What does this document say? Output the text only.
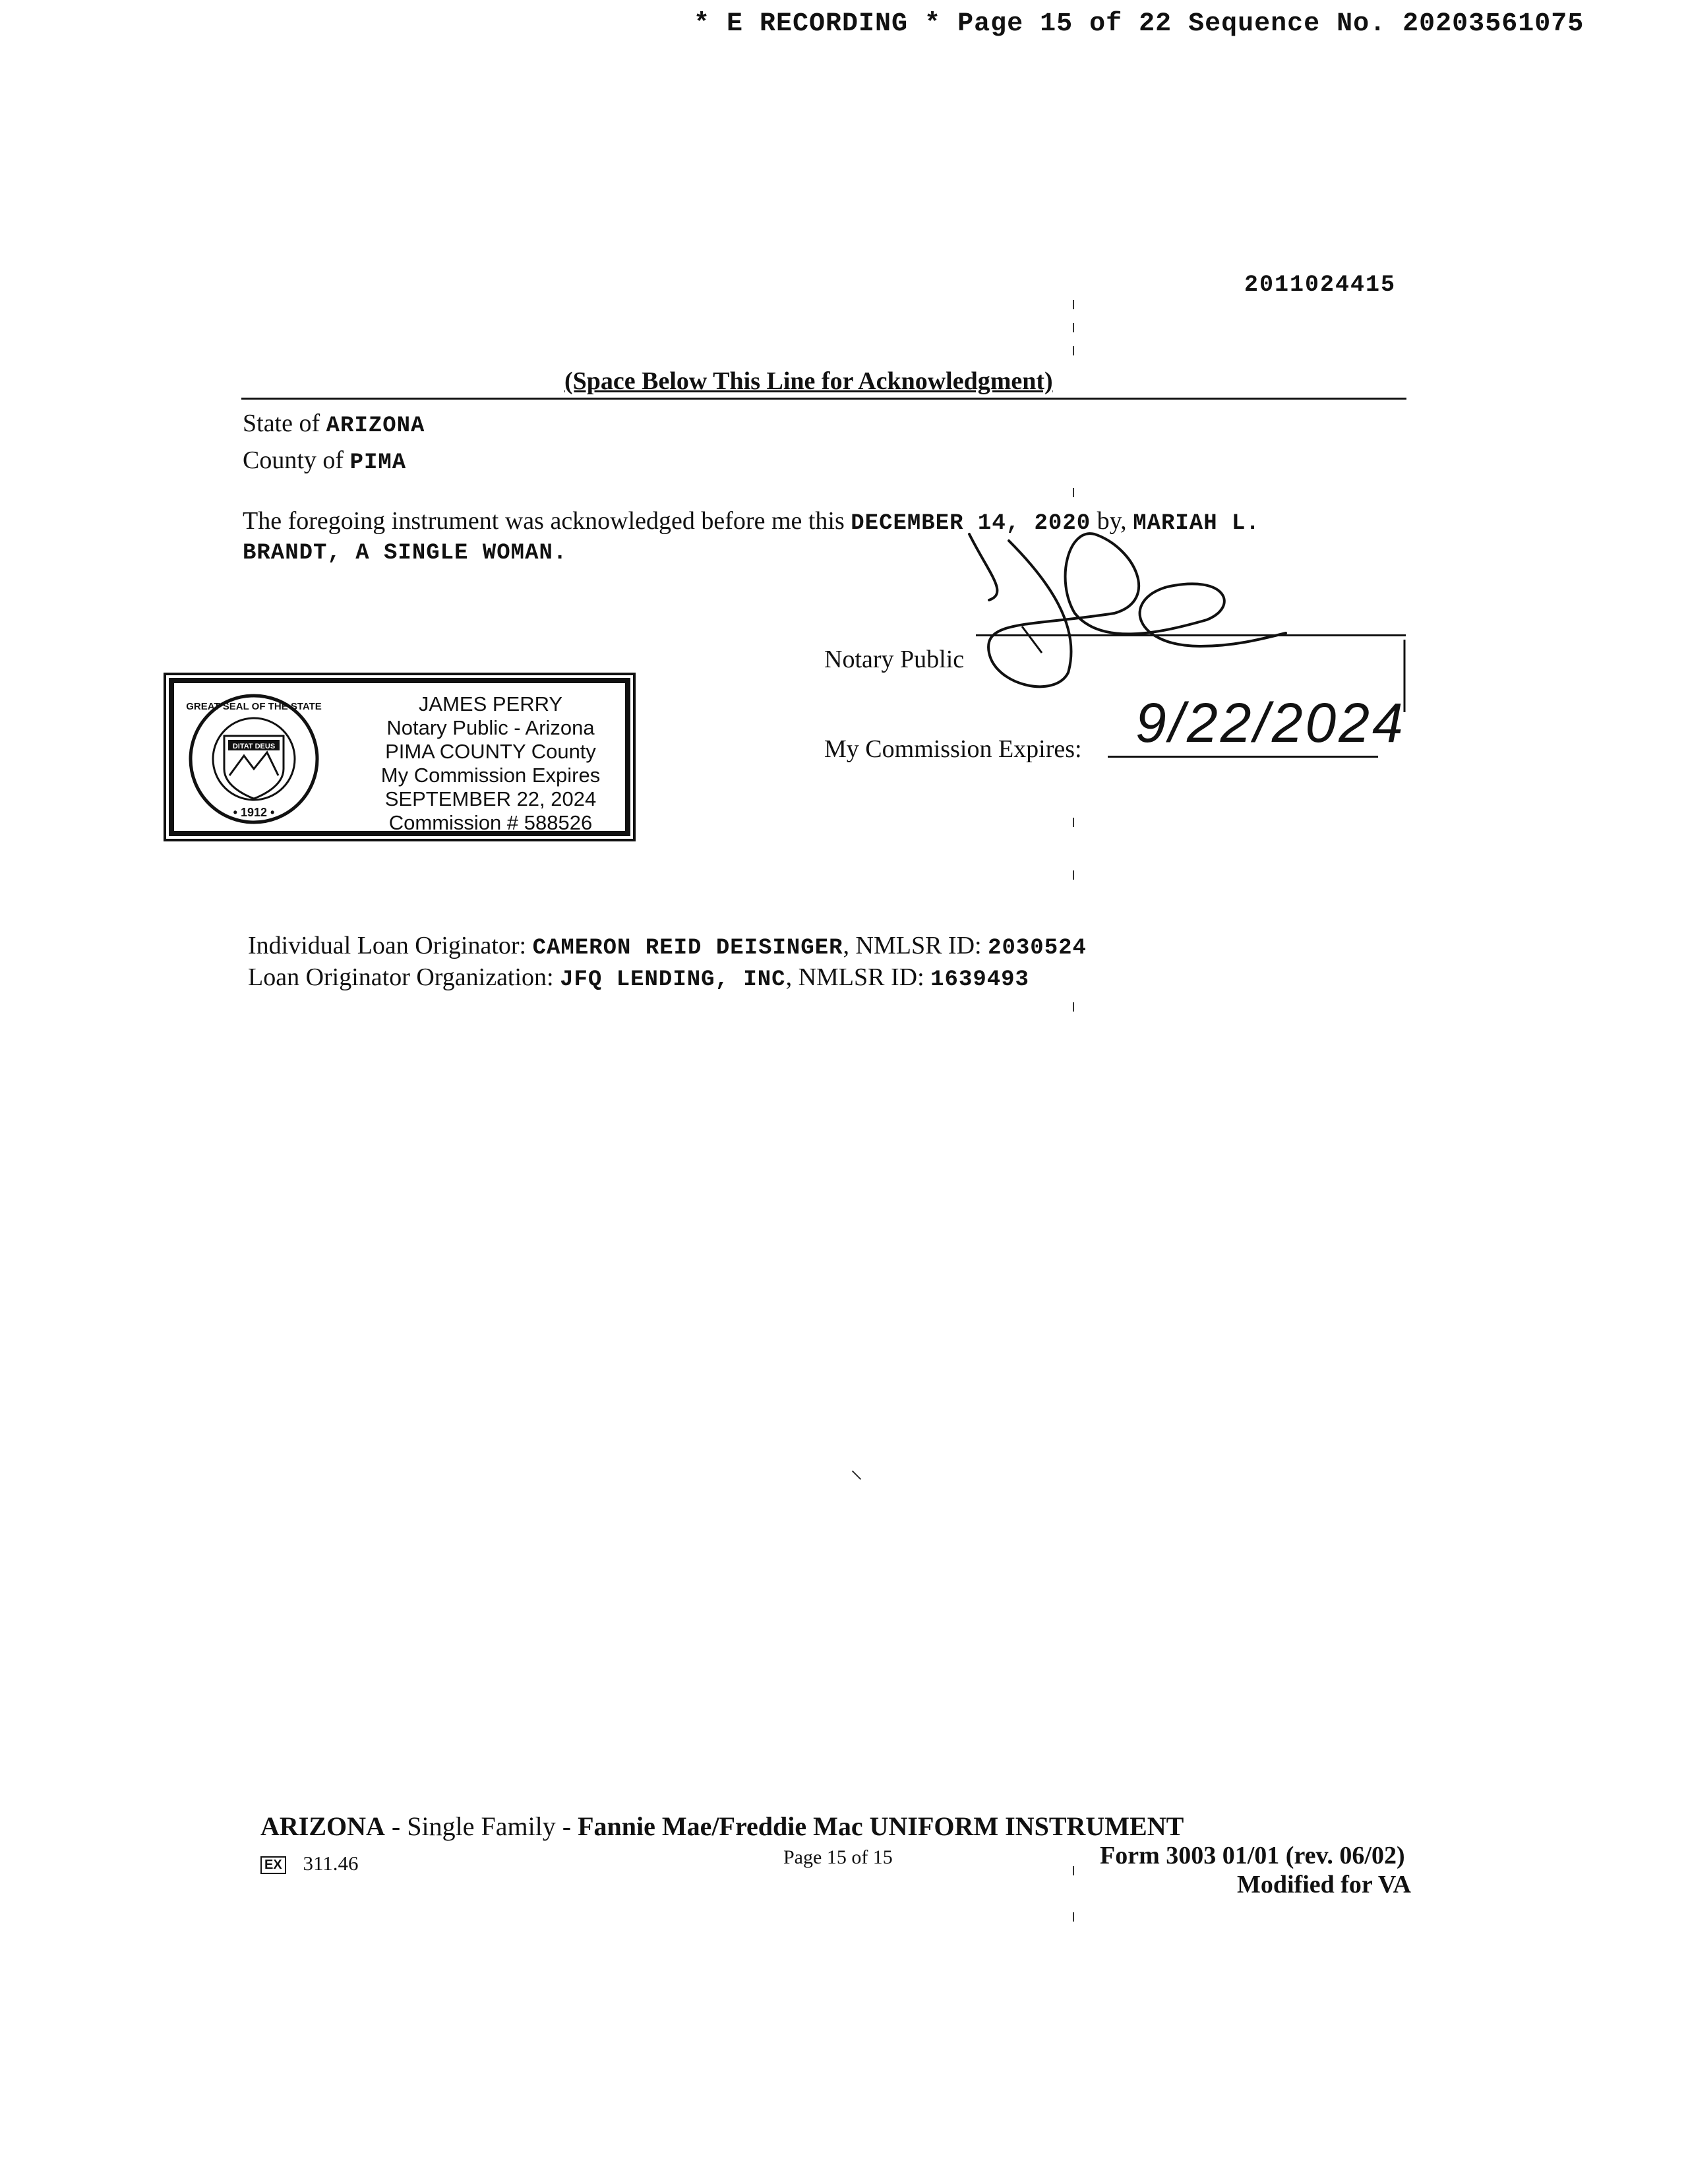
* E RECORDING * Page 15 of 22 Sequence No. 20203561075
2011024415
(Space Below This Line for Acknowledgment)
State of ARIZONA
County of PIMA
The foregoing instrument was acknowledged before me this DECEMBER 14, 2020 by, MARIAH L.
BRANDT, A SINGLE WOMAN.
Notary Public
My Commission Expires: 9/22/2024
GREAT SEAL OF THE STATE
• 1912 •
DITAT DEUS
JAMES PERRY
Notary Public - Arizona
PIMA COUNTY County
My Commission Expires
SEPTEMBER 22, 2024
Commission # 588526
Individual Loan Originator: CAMERON REID DEISINGER, NMLSR ID: 2030524
Loan Originator Organization: JFQ LENDING, INC, NMLSR ID: 1639493
ARIZONA - Single Family - Fannie Mae/Freddie Mac UNIFORM INSTRUMENT
EX 311.46	Page 15 of 15	Form 3003 01/01 (rev. 06/02)
Modified for VA
